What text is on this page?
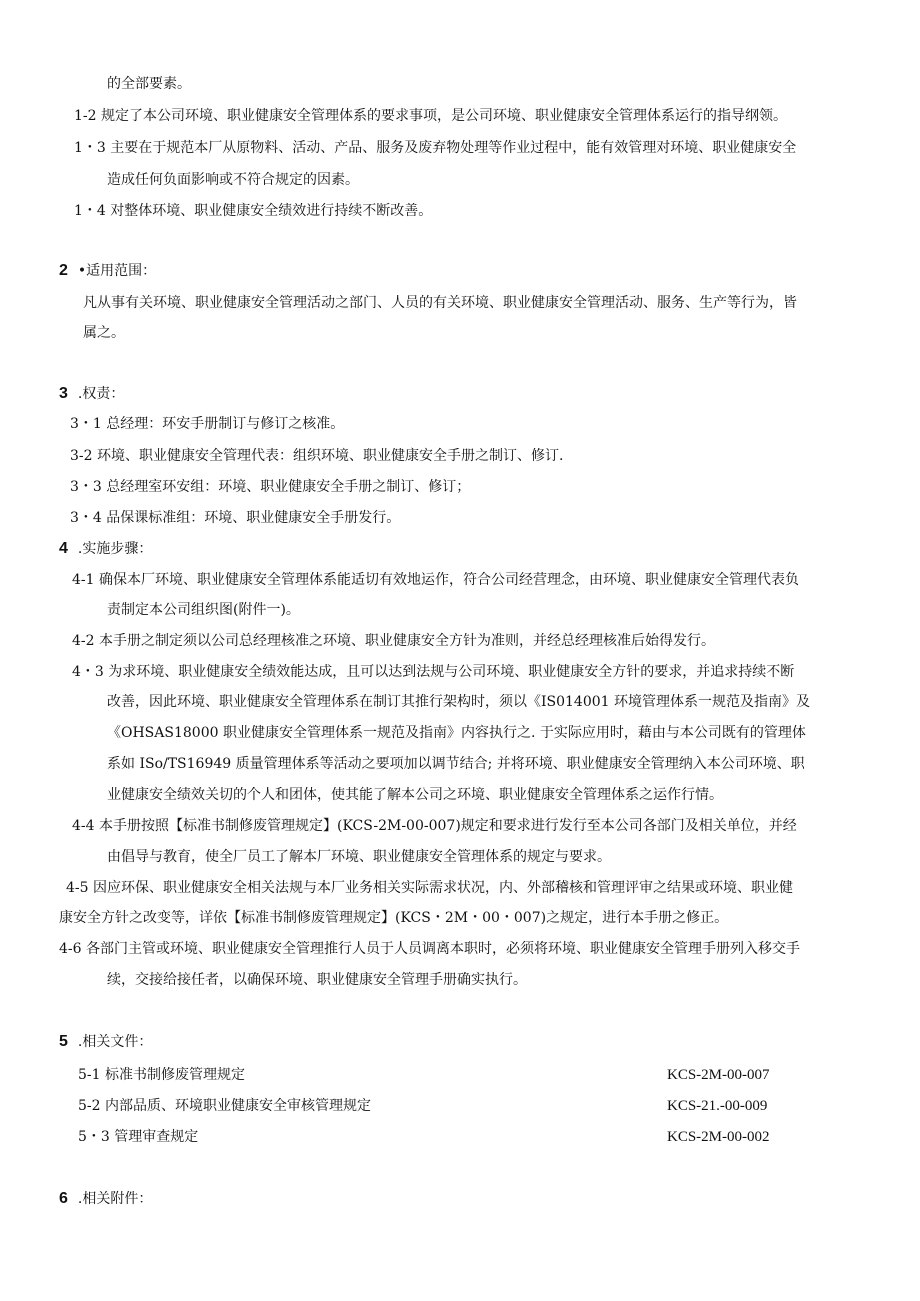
的全部要素。
1-2 规定了本公司环境、职业健康安全管理体系的要求事项，是公司环境、职业健康安全管理体系运行的指导纲领。
1・3 主要在于规范本厂从原物料、活动、产品、服务及废弃物处理等作业过程中，能有效管理对环境、职业健康安全
造成任何负面影响或不符合规定的因素。
1・4 对整体环境、职业健康安全绩效进行持续不断改善。
2 •适用范围：
凡从事有关环境、职业健康安全管理活动之部门、人员的有关环境、职业健康安全管理活动、服务、生产等行为，皆
属之。
3 .权责：
3・1 总经理：环安手册制订与修订之核准。
3-2 环境、职业健康安全管理代表：组织环境、职业健康安全手册之制订、修订.
3・3 总经理室环安组：环境、职业健康安全手册之制订、修订；
3・4 品保课标准组：环境、职业健康安全手册发行。
4 .实施步骤：
4-1 确保本厂环境、职业健康安全管理体系能适切有效地运作，符合公司经营理念，由环境、职业健康安全管理代表负
责制定本公司组织图(附件一)。
4-2 本手册之制定须以公司总经理核准之环境、职业健康安全方针为准则，并经总经理核准后始得发行。
4・3 为求环境、职业健康安全绩效能达成，且可以达到法规与公司环境、职业健康安全方针的要求，并追求持续不断
改善，因此环境、职业健康安全管理体系在制订其推行架构时，须以《IS014001 环境管理体系一规范及指南》及
《OHSAS18000 职业健康安全管理体系一规范及指南》内容执行之. 于实际应用时，藉由与本公司既有的管理体
系如 ISo/TS16949 质量管理体系等活动之要项加以调节结合; 并将环境、职业健康安全管理纳入本公司环境、职
业健康安全绩效关切的个人和团体，使其能了解本公司之环境、职业健康安全管理体系之运作行情。
4-4 本手册按照【标准书制修废管理规定】(KCS-2M-00-007)规定和要求进行发行至本公司各部门及相关单位，并经
由倡导与教育，使全厂员工了解本厂环境、职业健康安全管理体系的规定与要求。
4-5 因应环保、职业健康安全相关法规与本厂业务相关实际需求状况，内、外部稽核和管理评审之结果或环境、职业健
康安全方针之改变等，详依【标准书制修废管理规定】(KCS・2M・00・007)之规定，进行本手册之修正。
4-6 各部门主管或环境、职业健康安全管理推行人员于人员调离本职时，必须将环境、职业健康安全管理手册列入移交手
续，交接给接任者，以确保环境、职业健康安全管理手册确实执行。
5 .相关文件：
5-1 标准书制修废管理规定	KCS-2M-00-007
5-2 内部品质、环境职业健康安全审核管理规定	KCS-21.-00-009
5・3 管理审查规定	KCS-2M-00-002
6 .相关附件：
